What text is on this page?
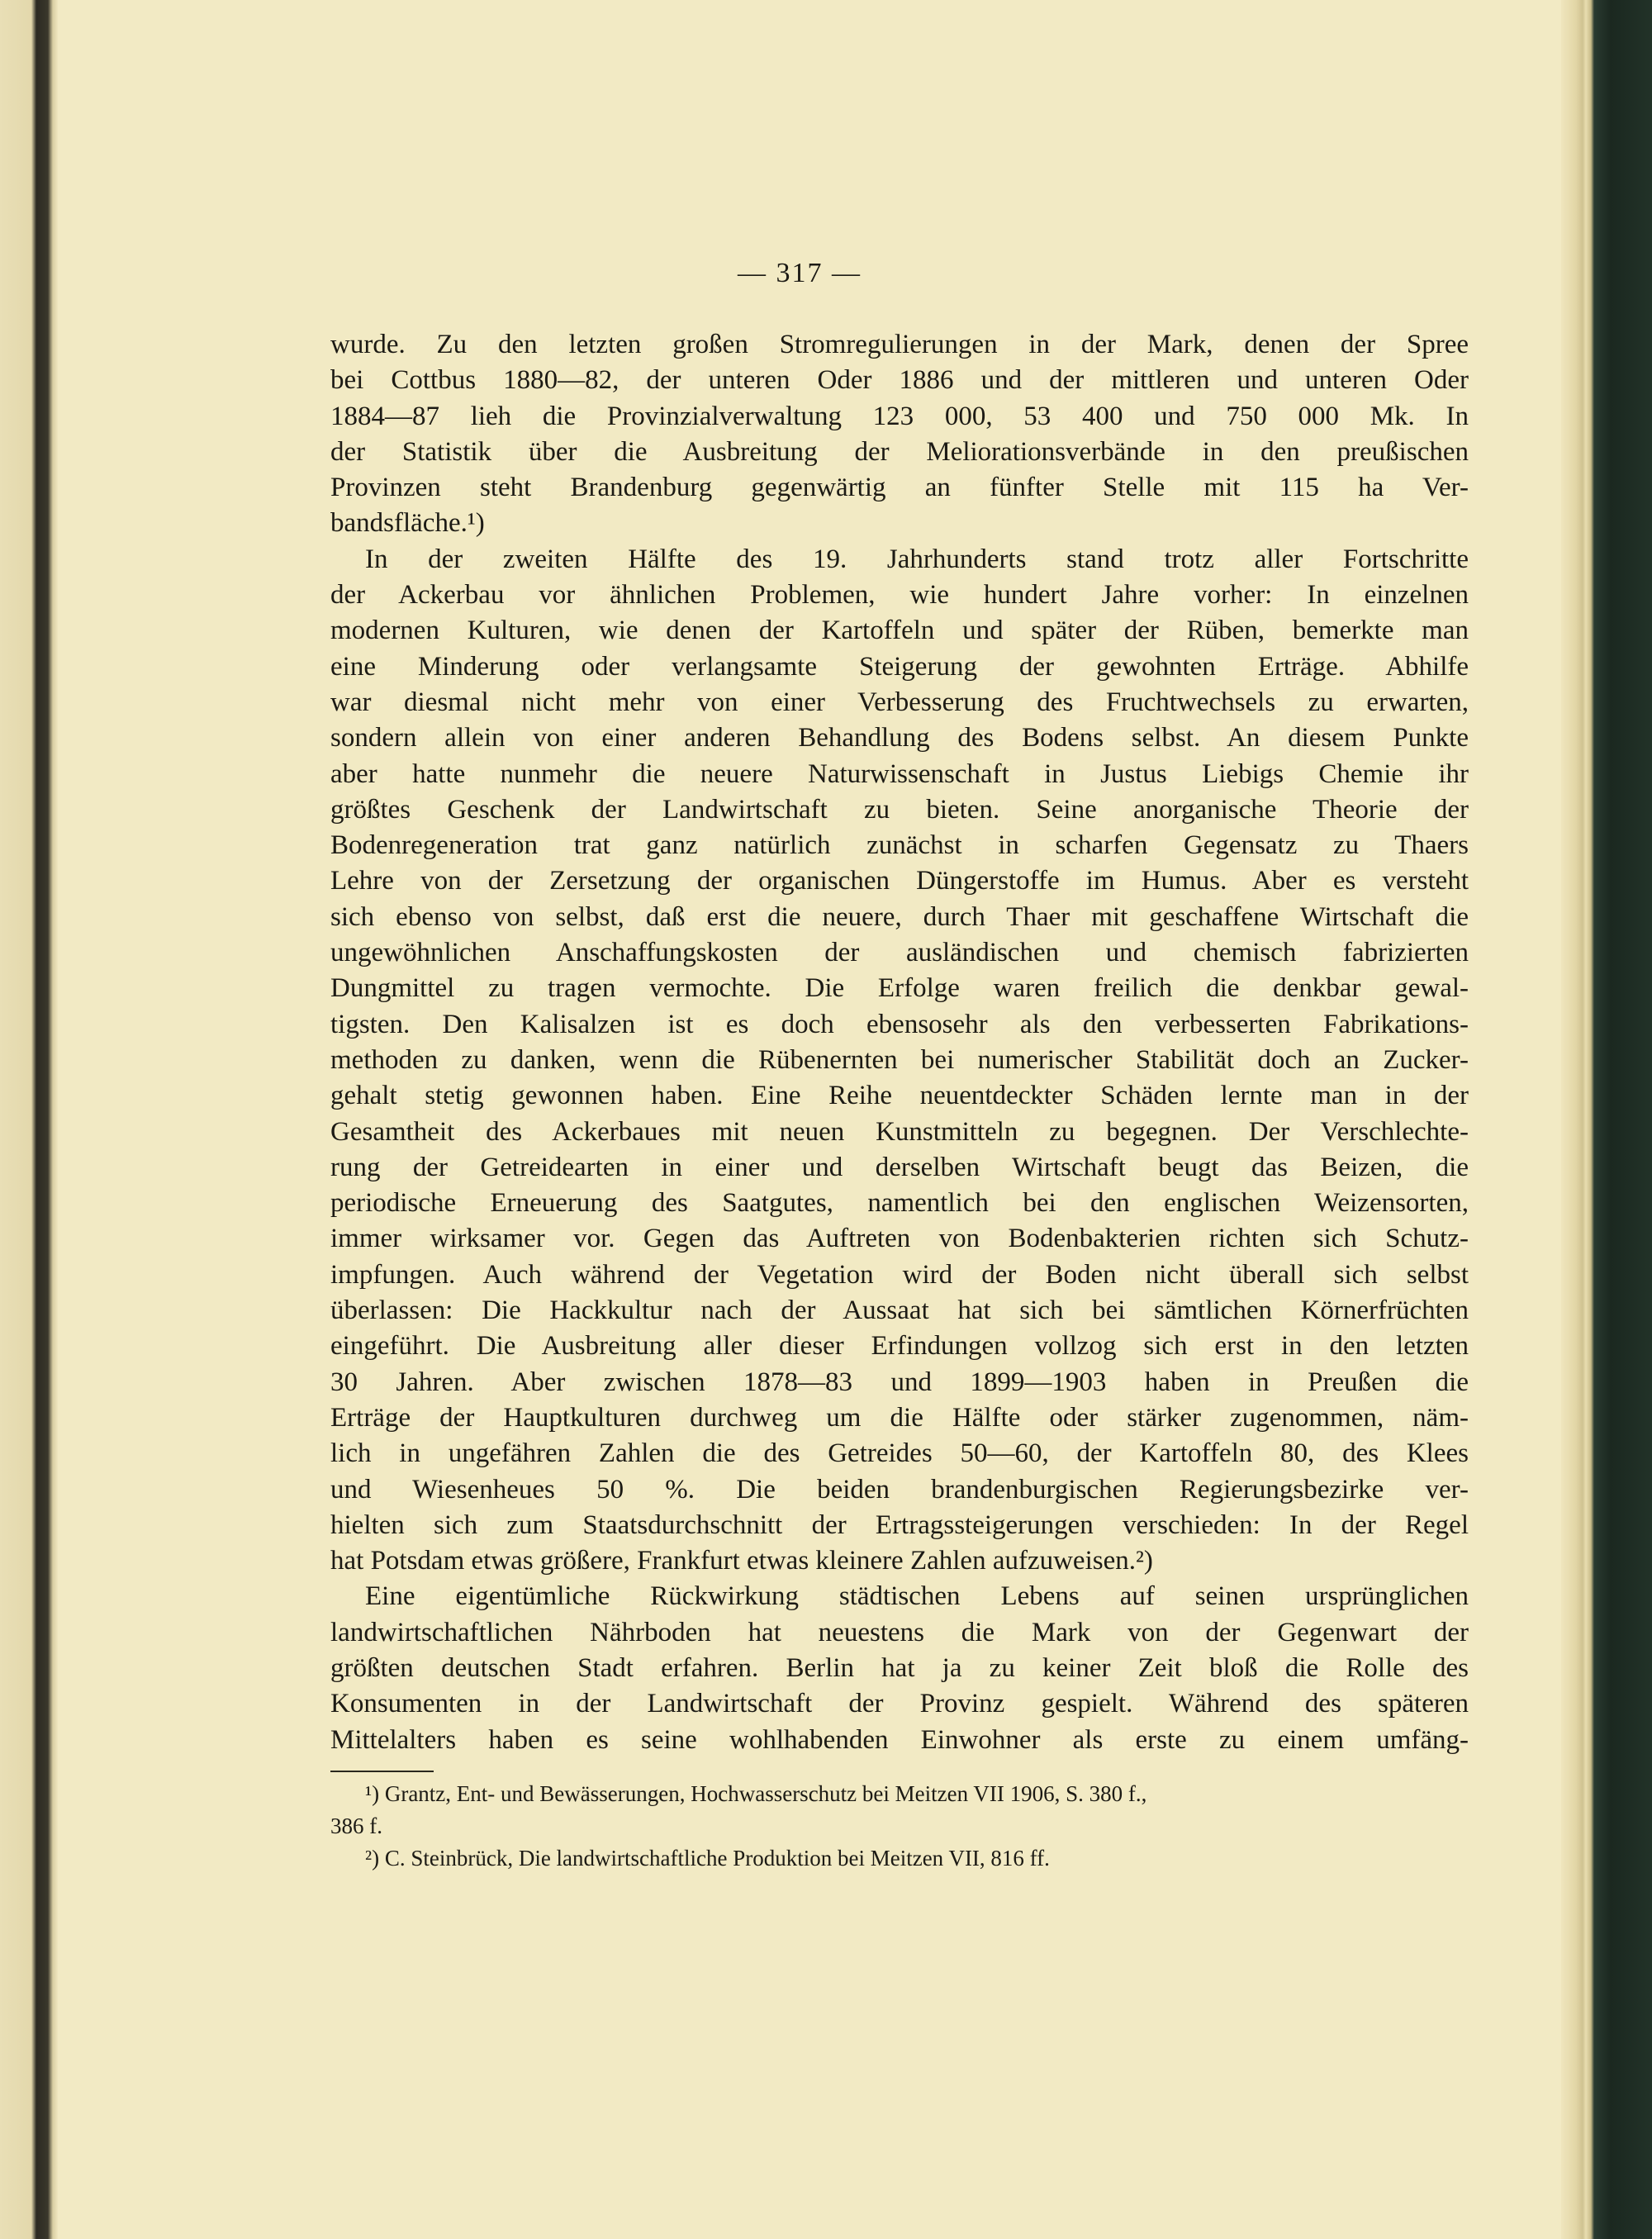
— 317 —
wurde. Zu den letzten großen Stromregulierungen in der Mark, denen der Spree
bei Cottbus 1880—82, der unteren Oder 1886 und der mittleren und unteren Oder
1884—87 lieh die Provinzialverwaltung 123 000, 53 400 und 750 000 Mk. In
der Statistik über die Ausbreitung der Meliorationsverbände in den preußischen
Provinzen steht Brandenburg gegenwärtig an fünfter Stelle mit 115 ha Ver-
bandsfläche.¹)
In der zweiten Hälfte des 19. Jahrhunderts stand trotz aller Fortschritte
der Ackerbau vor ähnlichen Problemen, wie hundert Jahre vorher: In einzelnen
modernen Kulturen, wie denen der Kartoffeln und später der Rüben, bemerkte man
eine Minderung oder verlangsamte Steigerung der gewohnten Erträge. Abhilfe
war diesmal nicht mehr von einer Verbesserung des Fruchtwechsels zu erwarten,
sondern allein von einer anderen Behandlung des Bodens selbst. An diesem Punkte
aber hatte nunmehr die neuere Naturwissenschaft in Justus Liebigs Chemie ihr
größtes Geschenk der Landwirtschaft zu bieten. Seine anorganische Theorie der
Bodenregeneration trat ganz natürlich zunächst in scharfen Gegensatz zu Thaers
Lehre von der Zersetzung der organischen Düngerstoffe im Humus. Aber es versteht
sich ebenso von selbst, daß erst die neuere, durch Thaer mit geschaffene Wirtschaft die
ungewöhnlichen Anschaffungskosten der ausländischen und chemisch fabrizierten
Dungmittel zu tragen vermochte. Die Erfolge waren freilich die denkbar gewal-
tigsten. Den Kalisalzen ist es doch ebensosehr als den verbesserten Fabrikations-
methoden zu danken, wenn die Rübenernten bei numerischer Stabilität doch an Zucker-
gehalt stetig gewonnen haben. Eine Reihe neuentdeckter Schäden lernte man in der
Gesamtheit des Ackerbaues mit neuen Kunstmitteln zu begegnen. Der Verschlechte-
rung der Getreidearten in einer und derselben Wirtschaft beugt das Beizen, die
periodische Erneuerung des Saatgutes, namentlich bei den englischen Weizensorten,
immer wirksamer vor. Gegen das Auftreten von Bodenbakterien richten sich Schutz-
impfungen. Auch während der Vegetation wird der Boden nicht überall sich selbst
überlassen: Die Hackkultur nach der Aussaat hat sich bei sämtlichen Körnerfrüchten
eingeführt. Die Ausbreitung aller dieser Erfindungen vollzog sich erst in den letzten
30 Jahren. Aber zwischen 1878—83 und 1899—1903 haben in Preußen die
Erträge der Hauptkulturen durchweg um die Hälfte oder stärker zugenommen, näm-
lich in ungefähren Zahlen die des Getreides 50—60, der Kartoffeln 80, des Klees
und Wiesenheues 50 %. Die beiden brandenburgischen Regierungsbezirke ver-
hielten sich zum Staatsdurchschnitt der Ertragssteigerungen verschieden: In der Regel
hat Potsdam etwas größere, Frankfurt etwas kleinere Zahlen aufzuweisen.²)
Eine eigentümliche Rückwirkung städtischen Lebens auf seinen ursprünglichen
landwirtschaftlichen Nährboden hat neuestens die Mark von der Gegenwart der
größten deutschen Stadt erfahren. Berlin hat ja zu keiner Zeit bloß die Rolle des
Konsumenten in der Landwirtschaft der Provinz gespielt. Während des späteren
Mittelalters haben es seine wohlhabenden Einwohner als erste zu einem umfäng-
¹) Grantz, Ent- und Bewässerungen, Hochwasserschutz bei Meitzen VII 1906, S. 380 f.,
386 f.
²) C. Steinbrück, Die landwirtschaftliche Produktion bei Meitzen VII, 816 ff.
